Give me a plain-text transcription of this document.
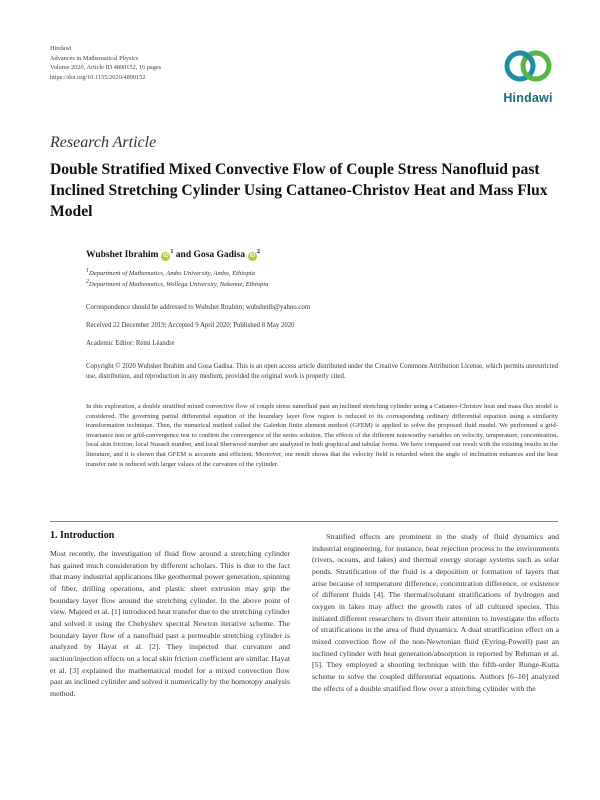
Hindawi
Advances in Mathematical Physics
Volume 2020, Article ID 4890152, 16 pages
https://doi.org/10.1155/2020/4890152
Hindawi
Research Article
Double Stratified Mixed Convective Flow of Couple Stress Nanofluid past Inclined Stretching Cylinder Using Cattaneo-Christov Heat and Mass Flux Model
Wubshet Ibrahim $iD^1$ and Gosa Gadisa $iD^2$
$^1$Department of Mathematics, Ambo University, Ambo, Ethiopia
$^2$Department of Mathematics, Wollega University, Nekemte, Ethiopia
Correspondence should be addressed to Wubshet Ibrahim; wubshetib@yahoo.com
Received 22 December 2019; Accepted 9 April 2020; Published 8 May 2020
Academic Editor: Remi Léandre
Copyright © 2020 Wubshet Ibrahim and Gosa Gadisa. This is an open access article distributed under the Creative Commons Attribution License, which permits unrestricted use, distribution, and reproduction in any medium, provided the original work is properly cited.
In this exploration, a double stratified mixed convective flow of couple stress nanofluid past an inclined stretching cylinder using a Cattaneo-Christov heat and mass flux model is considered. The governing partial differential equation of the boundary layer flow region is reduced to its corresponding ordinary differential equation using a similarity transformation technique. Then, the numerical method called the Galerkin finite element method (GFEM) is applied to solve the proposed fluid model. We performed a grid-invariance test or grid-convergence test to confirm the convergence of the series solution. The effects of the different noteworthy variables on velocity, temperature, concentration, local skin friction, local Nusselt number, and local Sherwood number are analyzed in both graphical and tabular forms. We have compared our result with the existing results in the literature, and it is shown that GFEM is accurate and efficient. Moreover, our result shows that the velocity field is retarded when the angle of inclination enhances and the heat transfer rate is reduced with larger values of the curvature of the cylinder.
1. Introduction
Most recently, the investigation of fluid flow around a stretching cylinder has gained much consideration by different scholars. This is due to the fact that many industrial applications like geothermal power generation, spinning of fiber, drilling operations, and plastic sheet extrusion may grip the boundary layer flow around the stretching cylinder. In the above point of view, Majeed et al. [1] introduced heat transfer due to the stretching cylinder and solved it using the Chebyshev spectral Newton iterative scheme. The boundary layer flow of a nanofluid past a permeable stretching cylinder is analyzed by Hayat et al. [2]. They inspected that curvature and suction/injection effects on a local skin friction coefficient are similar. Hayat et al. [3] explained the mathematical model for a mixed convection flow past an inclined cylinder and solved it numerically by the homotopy analysis method.
Stratified effects are prominent in the study of fluid dynamics and industrial engineering, for instance, heat rejection process to the environments (rivers, oceans, and lakes) and thermal energy storage systems such as solar ponds. Stratification of the fluid is a deposition or formation of layers that arise because of temperature difference, concentration difference, or existence of different fluids [4]. The thermal/solutant stratifications of hydrogen and oxygen in lakes may affect the growth rates of all cultured species. This initiated different researchers to divert their attention to investigate the effects of stratifications in the area of fluid dynamics. A dual stratification effect on a mixed convection flow of the non-Newtonian fluid (Eyring-Powell) past an inclined cylinder with heat generation/absorption is reported by Rehman et al. [5]. They employed a shooting technique with the fifth-order Runge-Kutta scheme to solve the coupled differential equations. Authors [6–10] analyzed the effects of a double stratified flow over a stretching cylinder with the
